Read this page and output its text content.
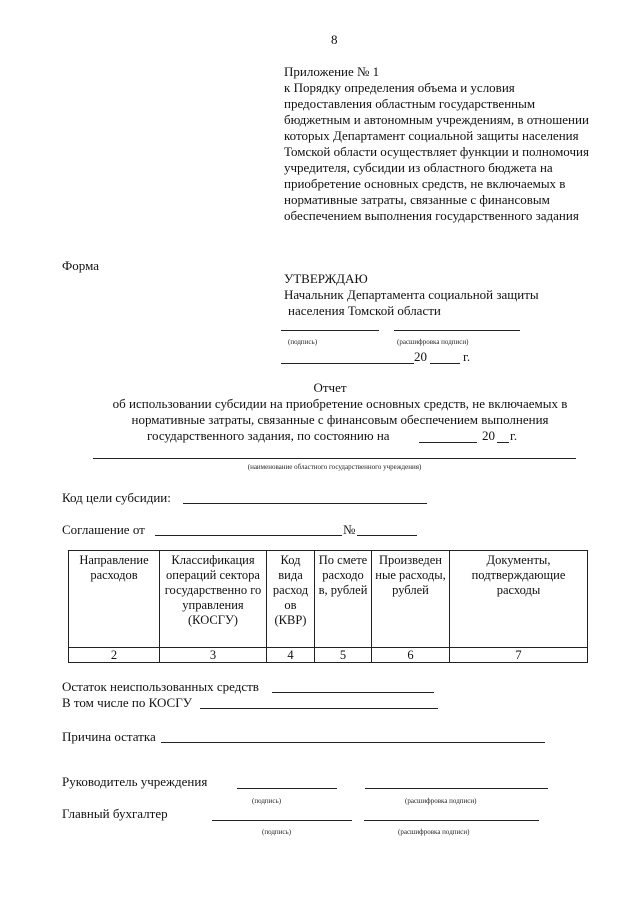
8
Приложение № 1
к Порядку определения объема и условия
предоставления областным государственным
бюджетным и автономным учреждениям, в отношении
которых Департамент социальной защиты населения
Томской области осуществляет функции и полномочия
учредителя, субсидии из областного бюджета на
приобретение основных средств, не включаемых в
нормативные затраты, связанные с финансовым
обеспечением выполнения государственного задания
Форма
УТВЕРЖДАЮ
Начальник Департамента социальной защиты
населения Томской области
(подпись)	(расшифровка подписи)
20	г.
Отчет
об использовании субсидии на приобретение основных средств, не включаемых в
нормативные затраты, связанные с финансовым обеспечением выполнения
государственного задания, по состоянию на	20 г.
(наименование областного государственного учреждения)
Код цели субсидии:
Соглашение от	№
Направление расходов	Классификация операций сектора государственно го управления (КОСГУ)	Код вида расход ов (КВР)	По смете расходо в, рублей	Произведен ные расходы, рублей	Документы, подтверждающие расходы
2	3	4	5	6	7
Остаток неиспользованных средств
В том числе по КОСГУ
Причина остатка
Руководитель учреждения
(подпись)	(расшифровка подписи)
Главный бухгалтер
(подпись)	(расшифровка подписи)
